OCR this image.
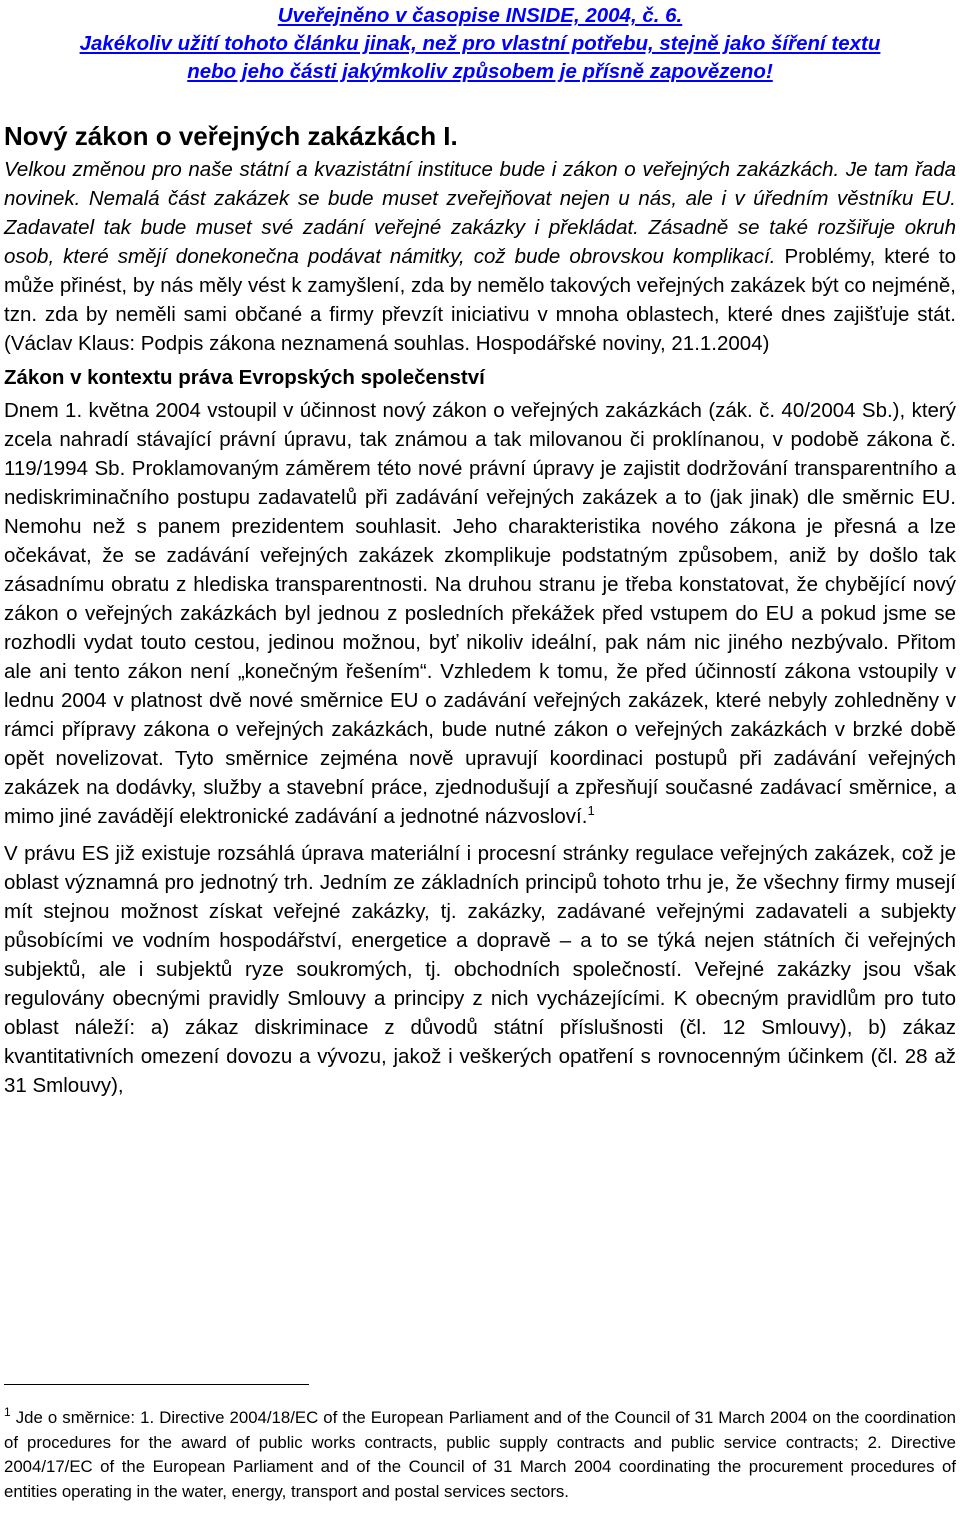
Uveřejněno v časopise INSIDE, 2004, č. 6.
Jakékoliv užití tohoto článku jinak, než pro vlastní potřebu, stejně jako šíření textu
nebo jeho části jakýmkoliv způsobem je přísně zapovězeno!
Nový zákon o veřejných zakázkách I.
Velkou změnou pro naše státní a kvazistátní instituce bude i zákon o veřejných zakázkách. Je tam řada novinek. Nemalá část zakázek se bude muset zveřejňovat nejen u nás, ale i v úředním věstníku EU. Zadavatel tak bude muset své zadání veřejné zakázky i překládat. Zásadně se také rozšiřuje okruh osob, které smějí donekonečna podávat námitky, což bude obrovskou komplikací. Problémy, které to může přinést, by nás měly vést k zamyšlení, zda by nemělo takových veřejných zakázek být co nejméně, tzn. zda by neměli sami občané a firmy převzít iniciativu v mnoha oblastech, které dnes zajišťuje stát. (Václav Klaus: Podpis zákona neznamená souhlas. Hospodářské noviny, 21.1.2004)
Zákon v kontextu práva Evropských společenství
Dnem 1. května 2004 vstoupil v účinnost nový zákon o veřejných zakázkách (zák. č. 40/2004 Sb.), který zcela nahradí stávající právní úpravu, tak známou a tak milovanou či proklínanou, v podobě zákona č. 119/1994 Sb. Proklamovaným záměrem této nové právní úpravy je zajistit dodržování transparentního a nediskriminačního postupu zadavatelů při zadávání veřejných zakázek a to (jak jinak) dle směrnic EU. Nemohu než s panem prezidentem souhlasit. Jeho charakteristika nového zákona je přesná a lze očekávat, že se zadávání veřejných zakázek zkomplikuje podstatným způsobem, aniž by došlo tak zásadnímu obratu z hlediska transparentnosti. Na druhou stranu je třeba konstatovat, že chybějící nový zákon o veřejných zakázkách byl jednou z posledních překážek před vstupem do EU a pokud jsme se rozhodli vydat touto cestou, jedinou možnou, byť nikoliv ideální, pak nám nic jiného nezbývalo. Přitom ale ani tento zákon není „konečným řešením“. Vzhledem k tomu, že před účinností zákona vstoupily v lednu 2004 v platnost dvě nové směrnice EU o zadávání veřejných zakázek, které nebyly zohledněny v rámci přípravy zákona o veřejných zakázkách, bude nutné zákon o veřejných zakázkách v brzké době opět novelizovat. Tyto směrnice zejména nově upravují koordinaci postupů při zadávání veřejných zakázek na dodávky, služby a stavební práce, zjednodušují a zpřesňují současné zadávací směrnice, a mimo jiné zavádějí elektronické zadávání a jednotné názvosloví.$^1$
V právu ES již existuje rozsáhlá úprava materiální i procesní stránky regulace veřejných zakázek, což je oblast významná pro jednotný trh. Jedním ze základních principů tohoto trhu je, že všechny firmy musejí mít stejnou možnost získat veřejné zakázky, tj. zakázky, zadávané veřejnými zadavateli a subjekty působícími ve vodním hospodářství, energetice a dopravě – a to se týká nejen státních či veřejných subjektů, ale i subjektů ryze soukromých, tj. obchodních společností. Veřejné zakázky jsou však regulovány obecnými pravidly Smlouvy a principy z nich vycházejícími. K obecným pravidlům pro tuto oblast náleží: a) zákaz diskriminace z důvodů státní příslušnosti (čl. 12 Smlouvy), b) zákaz kvantitativních omezení dovozu a vývozu, jakož i veškerých opatření s rovnocenným účinkem (čl. 28 až 31 Smlouvy),
$^1$ Jde o směrnice: 1. Directive 2004/18/EC of the European Parliament and of the Council of 31 March 2004 on the coordination of procedures for the award of public works contracts, public supply contracts and public service contracts; 2. Directive 2004/17/EC of the European Parliament and of the Council of 31 March 2004 coordinating the procurement procedures of entities operating in the water, energy, transport and postal services sectors.
